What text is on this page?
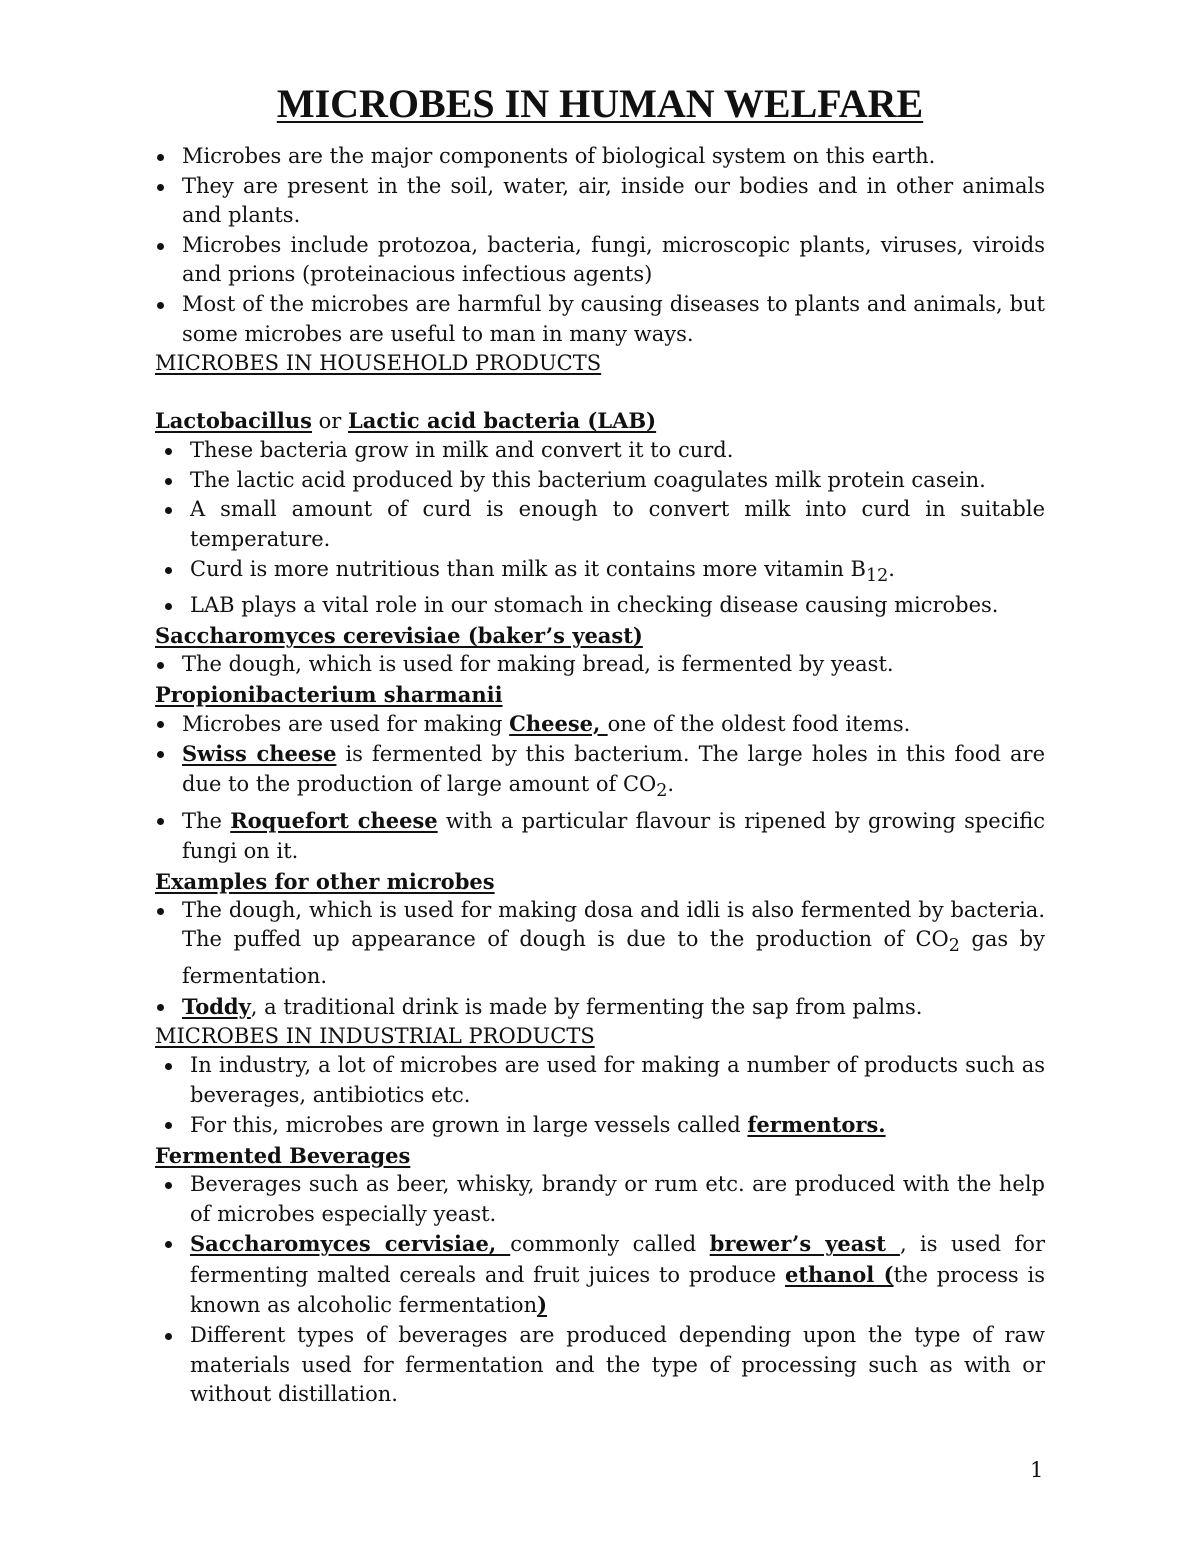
MICROBES IN HUMAN WELFARE
Microbes are the major components of biological system on this earth.
They are present in the soil, water, air, inside our bodies and in other animals and plants.
Microbes include protozoa, bacteria, fungi, microscopic plants, viruses, viroids and prions (proteinacious infectious agents)
Most of the microbes are harmful by causing diseases to plants and animals, but some microbes are useful to man in many ways.
MICROBES IN HOUSEHOLD PRODUCTS
Lactobacillus or Lactic acid bacteria (LAB)
These bacteria grow in milk and convert it to curd.
The lactic acid produced by this bacterium coagulates milk protein casein.
A small amount of curd is enough to convert milk into curd in suitable temperature.
Curd is more nutritious than milk as it contains more vitamin $B_{12}$.
LAB plays a vital role in our stomach in checking disease causing microbes.
Saccharomyces cerevisiae (baker’s yeast)
The dough, which is used for making bread, is fermented by yeast.
Propionibacterium sharmanii
Microbes are used for making Cheese, one of the oldest food items.
Swiss cheese is fermented by this bacterium. The large holes in this food are due to the production of large amount of $CO_2$.
The Roquefort cheese with a particular flavour is ripened by growing specific fungi on it.
Examples for other microbes
The dough, which is used for making dosa and idli is also fermented by bacteria. The puffed up appearance of dough is due to the production of $CO_2$ gas by fermentation.
Toddy, a traditional drink is made by fermenting the sap from palms.
MICROBES IN INDUSTRIAL PRODUCTS
In industry, a lot of microbes are used for making a number of products such as beverages, antibiotics etc.
For this, microbes are grown in large vessels called fermentors.
Fermented Beverages
Beverages such as beer, whisky, brandy or rum etc. are produced with the help of microbes especially yeast.
Saccharomyces cervisiae, commonly called brewer’s yeast , is used for fermenting malted cereals and fruit juices to produce ethanol (the process is known as alcoholic fermentation)
Different types of beverages are produced depending upon the type of raw materials used for fermentation and the type of processing such as with or without distillation.
1
